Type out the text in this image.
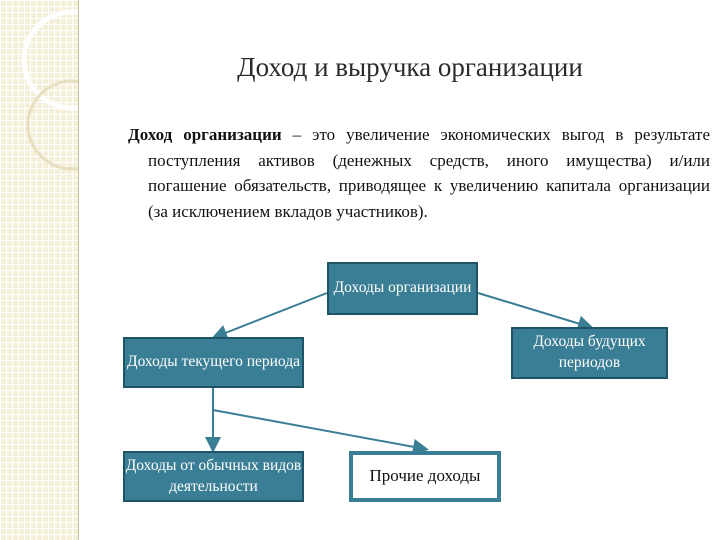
Доход и выручка организации
Доход организации – это увеличение экономических выгод в результате поступления активов (денежных средств, иного имущества) и/или погашение обязательств, приводящее к увеличению капитала организации (за исключением вкладов участников).
Доходы организации
Доходы текущего периода
Доходы будущих периодов
Доходы от обычных видов деятельности
Прочие доходы
